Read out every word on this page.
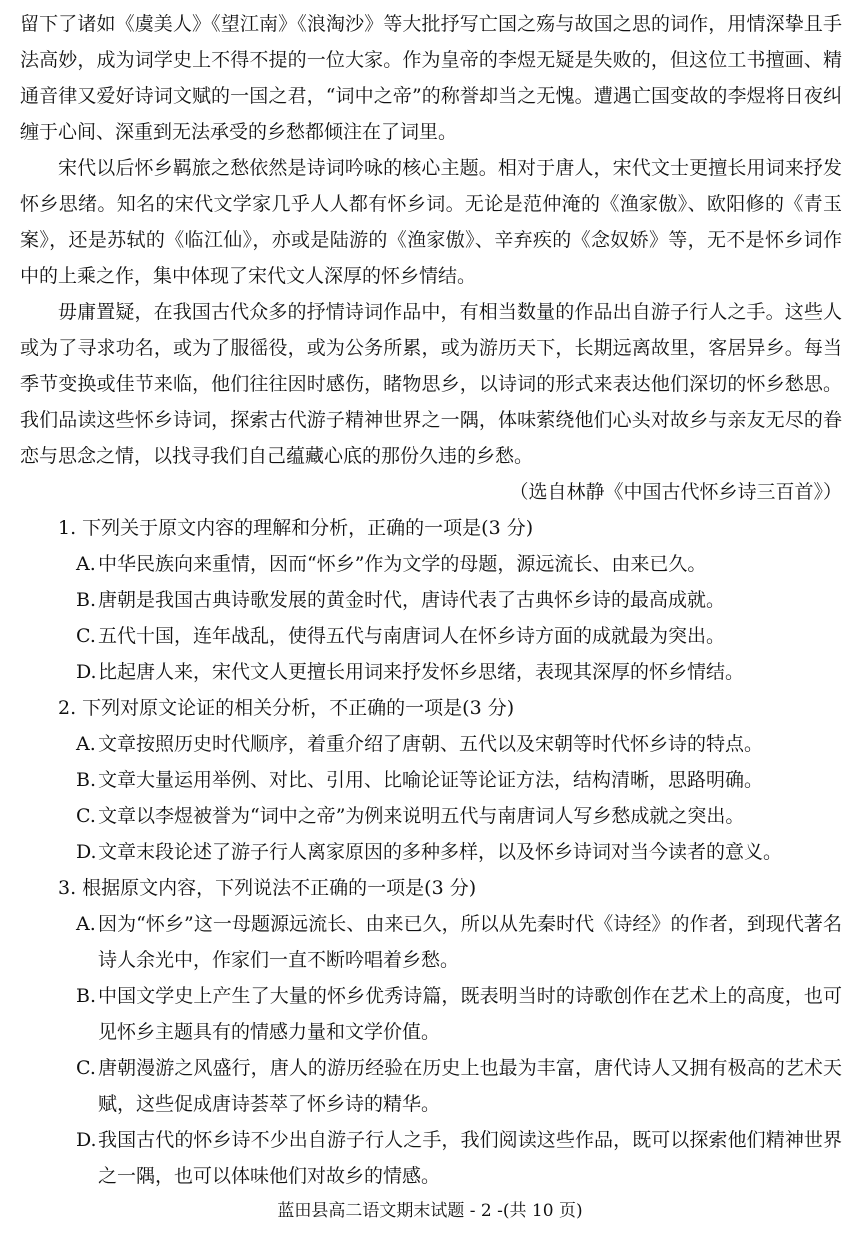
留下了诸如《虞美人》《望江南》《浪淘沙》等大批抒写亡国之殇与故国之思的词作，用情深挚且手法高妙，成为词学史上不得不提的一位大家。作为皇帝的李煜无疑是失败的，但这位工书擅画、精通音律又爱好诗词文赋的一国之君，“词中之帝”的称誉却当之无愧。遭遇亡国变故的李煜将日夜纠缠于心间、深重到无法承受的乡愁都倾注在了词里。

宋代以后怀乡羁旅之愁依然是诗词吟咏的核心主题。相对于唐人，宋代文士更擅长用词来抒发怀乡思绪。知名的宋代文学家几乎人人都有怀乡词。无论是范仲淹的《渔家傲》、欧阳修的《青玉案》，还是苏轼的《临江仙》，亦或是陆游的《渔家傲》、辛弃疾的《念奴娇》等，无不是怀乡词作中的上乘之作，集中体现了宋代文人深厚的怀乡情结。

毋庸置疑，在我国古代众多的抒情诗词作品中，有相当数量的作品出自游子行人之手。这些人或为了寻求功名，或为了服徭役，或为公务所累，或为游历天下，长期远离故里，客居异乡。每当季节变换或佳节来临，他们往往因时感伤，睹物思乡，以诗词的形式来表达他们深切的怀乡愁思。我们品读这些怀乡诗词，探索古代游子精神世界之一隅，体味萦绕他们心头对故乡与亲友无尽的眷恋与思念之情，以找寻我们自己蕴藏心底的那份久违的乡愁。

（选自林静《中国古代怀乡诗三百首》）

1. 下列关于原文内容的理解和分析，正确的一项是(3 分)
A. 中华民族向来重情，因而“怀乡”作为文学的母题，源远流长、由来已久。
B. 唐朝是我国古典诗歌发展的黄金时代，唐诗代表了古典怀乡诗的最高成就。
C. 五代十国，连年战乱，使得五代与南唐词人在怀乡诗方面的成就最为突出。
D. 比起唐人来，宋代文人更擅长用词来抒发怀乡思绪，表现其深厚的怀乡情结。
2. 下列对原文论证的相关分析，不正确的一项是(3 分)
A. 文章按照历史时代顺序，着重介绍了唐朝、五代以及宋朝等时代怀乡诗的特点。
B. 文章大量运用举例、对比、引用、比喻论证等论证方法，结构清晰，思路明确。
C. 文章以李煜被誉为“词中之帝”为例来说明五代与南唐词人写乡愁成就之突出。
D. 文章末段论述了游子行人离家原因的多种多样，以及怀乡诗词对当今读者的意义。
3. 根据原文内容，下列说法不正确的一项是(3 分)
A. 因为“怀乡”这一母题源远流长、由来已久，所以从先秦时代《诗经》的作者，到现代著名诗人余光中，作家们一直不断吟唱着乡愁。
B. 中国文学史上产生了大量的怀乡优秀诗篇，既表明当时的诗歌创作在艺术上的高度，也可见怀乡主题具有的情感力量和文学价值。
C. 唐朝漫游之风盛行，唐人的游历经验在历史上也最为丰富，唐代诗人又拥有极高的艺术天赋，这些促成唐诗荟萃了怀乡诗的精华。
D. 我国古代的怀乡诗不少出自游子行人之手，我们阅读这些作品，既可以探索他们精神世界之一隅，也可以体味他们对故乡的情感。
蓝田县高二语文期末试题 - 2 -(共 10 页)
